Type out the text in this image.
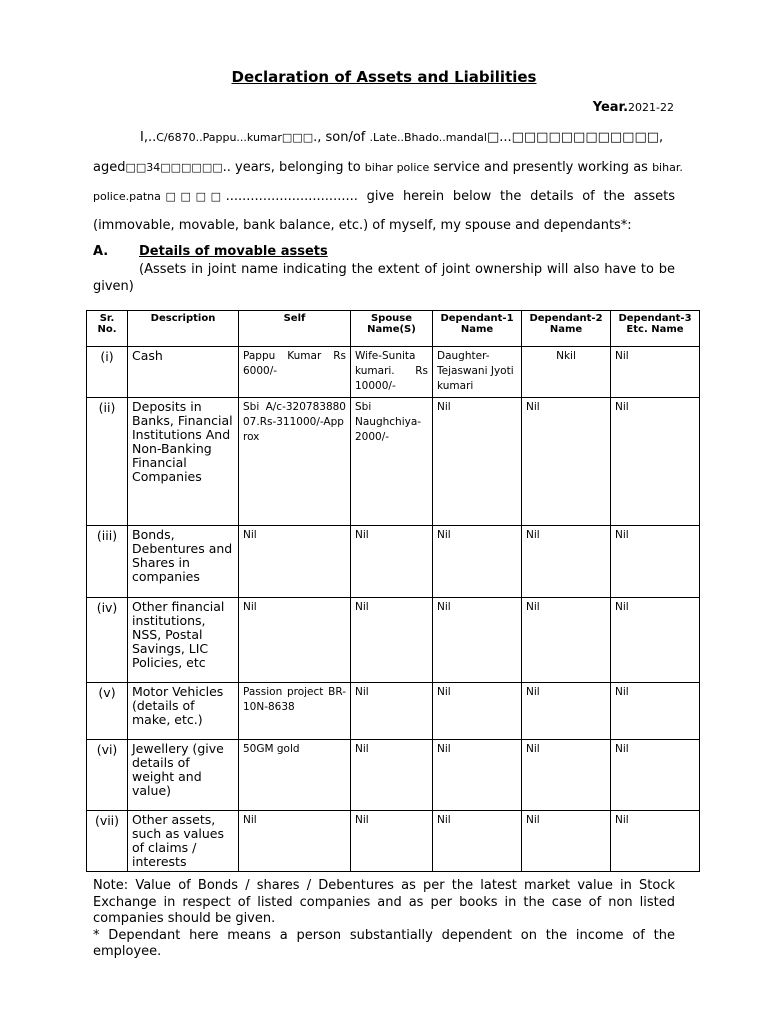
Declaration of Assets and Liabilities
Year.2021-22
I,..C/6870..Pappu...kumar□□□., son/of .Late..Bhado..mandal□...□□□□□□□□□□□□,
aged□□34□□□□□□.. years, belonging to bihar police service and presently working as bihar.
police.patna□□□□................................ give herein below the details of the assets
(immovable, movable, bank balance, etc.) of myself, my spouse and dependants*:
A. Details of movable assets
(Assets in joint name indicating the extent of joint ownership will also have to be given)
Sr. No.	Description	Self	Spouse Name(S)	Dependant-1 Name	Dependant-2 Name	Dependant-3 Etc. Name
(i)	Cash	Pappu Kumar Rs 6000/-	Wife-Sunita kumari. Rs 10000/-	Daughter-Tejaswani Jyoti kumari	Nkil	Nil
(ii)	Deposits in Banks, Financial Institutions And Non-Banking Financial Companies	Sbi A/c-32078388007.Rs-311000/-Approx	Sbi Naughchiya-2000/-	Nil	Nil	Nil
(iii)	Bonds, Debentures and Shares in companies	Nil	Nil	Nil	Nil	Nil
(iv)	Other financial institutions, NSS, Postal Savings, LIC Policies, etc	Nil	Nil	Nil	Nil	Nil
(v)	Motor Vehicles (details of make, etc.)	Passion project BR-10N-8638	Nil	Nil	Nil	Nil
(vi)	Jewellery (give details of weight and value)	50GM gold	Nil	Nil	Nil	Nil
(vii)	Other assets, such as values of claims / interests	Nil	Nil	Nil	Nil	Nil
Note: Value of Bonds / shares / Debentures as per the latest market value in Stock Exchange in respect of listed companies and as per books in the case of non listed companies should be given.
* Dependant here means a person substantially dependent on the income of the employee.
